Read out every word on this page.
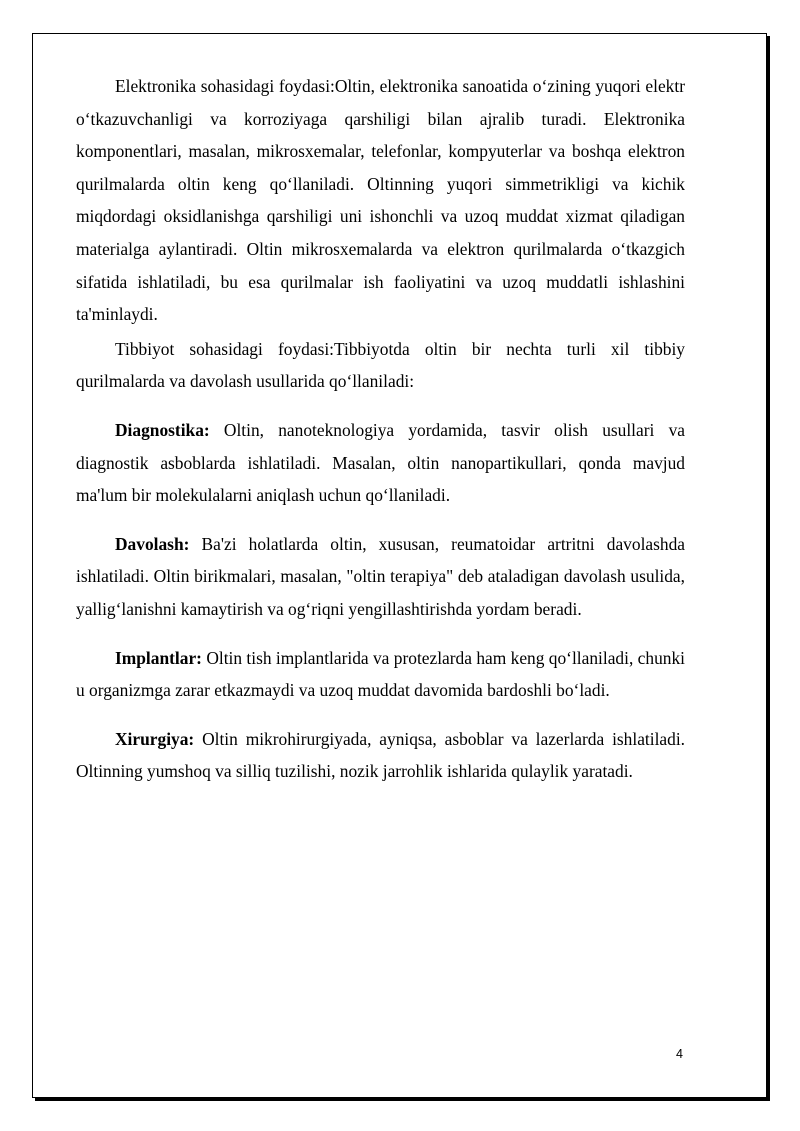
Elektronika sohasidagi foydasi:Oltin, elektronika sanoatida o‘zining yuqori elektr o‘tkazuvchanligi va korroziyaga qarshiligi bilan ajralib turadi. Elektronika komponentlari, masalan, mikrosxemalar, telefonlar, kompyuterlar va boshqa elektron qurilmalarda oltin keng qo‘llaniladi. Oltinning yuqori simmetrikligi va kichik miqdordagi oksidlanishga qarshiligi uni ishonchli va uzoq muddat xizmat qiladigan materialga aylantiradi. Oltin mikrosxemalarda va elektron qurilmalarda o‘tkazgich sifatida ishlatiladi, bu esa qurilmalar ish faoliyatini va uzoq muddatli ishlashini ta'minlaydi.

Tibbiyot sohasidagi foydasi:Tibbiyotda oltin bir nechta turli xil tibbiy qurilmalarda va davolash usullarida qo‘llaniladi:

Diagnostika: Oltin, nanoteknologiya yordamida, tasvir olish usullari va diagnostik asboblarda ishlatiladi. Masalan, oltin nanopartikullari, qonda mavjud ma'lum bir molekulalarni aniqlash uchun qo‘llaniladi.

Davolash: Ba'zi holatlarda oltin, xususan, reumatoidar artritni davolashda ishlatiladi. Oltin birikmalari, masalan, "oltin terapiya" deb ataladigan davolash usulida, yallig‘lanishni kamaytirish va og‘riqni yengillashtirishda yordam beradi.

Implantlar: Oltin tish implantlarida va protezlarda ham keng qo‘llaniladi, chunki u organizmga zarar etkazmaydi va uzoq muddat davomida bardoshli bo‘ladi.

Xirurgiya: Oltin mikrohirurgiyada, ayniqsa, asboblar va lazerlarda ishlatiladi. Oltinning yumshoq va silliq tuzilishi, nozik jarrohlik ishlarida qulaylik yaratadi.

4
